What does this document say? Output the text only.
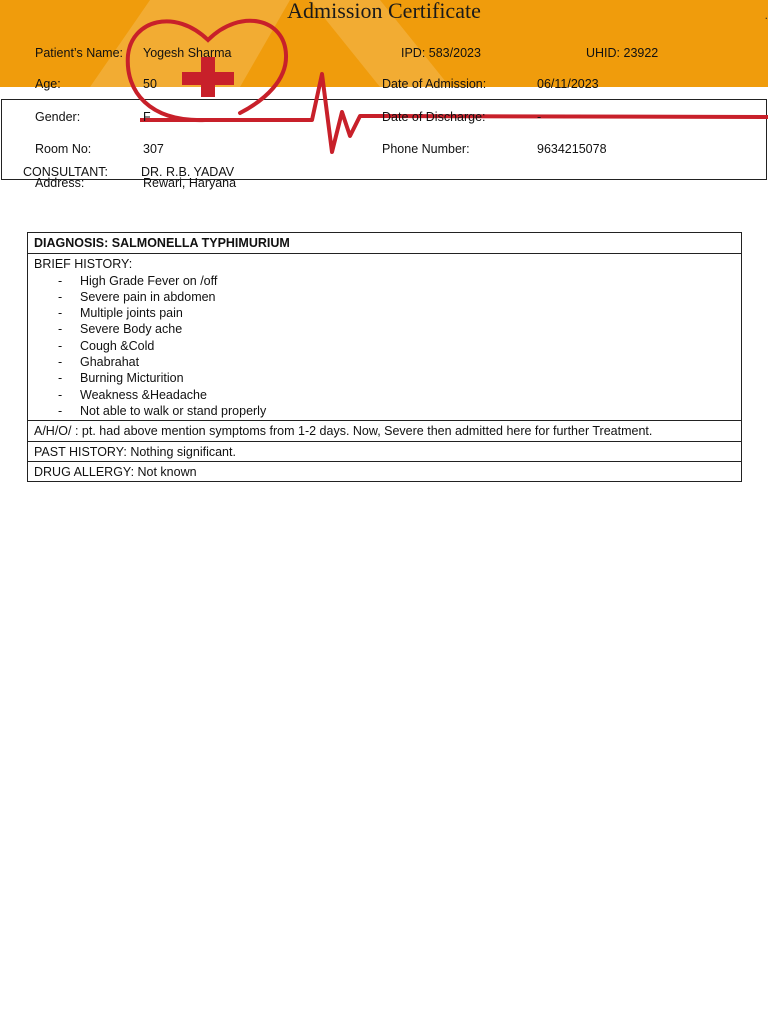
Admission Certificate	.
Patient’s Name: Yogesh Sharma	IPD: 583/2023	UHID: 23922
Age:	50	Date of Admission:	06/11/2023
Gender:	F	Date of Discharge:	-
Room No:	307	Phone Number:	9634215078
Address:	Rewari, Haryana
CONSULTANT:	DR. R.B. YADAV
DIAGNOSIS: SALMONELLA TYPHIMURIUM
BRIEF HISTORY:
- High Grade Fever on /off
- Severe pain in abdomen
- Multiple joints pain
- Severe Body ache
- Cough &Cold
- Ghabrahat
- Burning Micturition
- Weakness &Headache
- Not able to walk or stand properly
A/H/O/ : pt. had above mention symptoms from 1-2 days. Now, Severe then admitted here for further Treatment.
PAST HISTORY: Nothing significant.
DRUG ALLERGY: Not known
